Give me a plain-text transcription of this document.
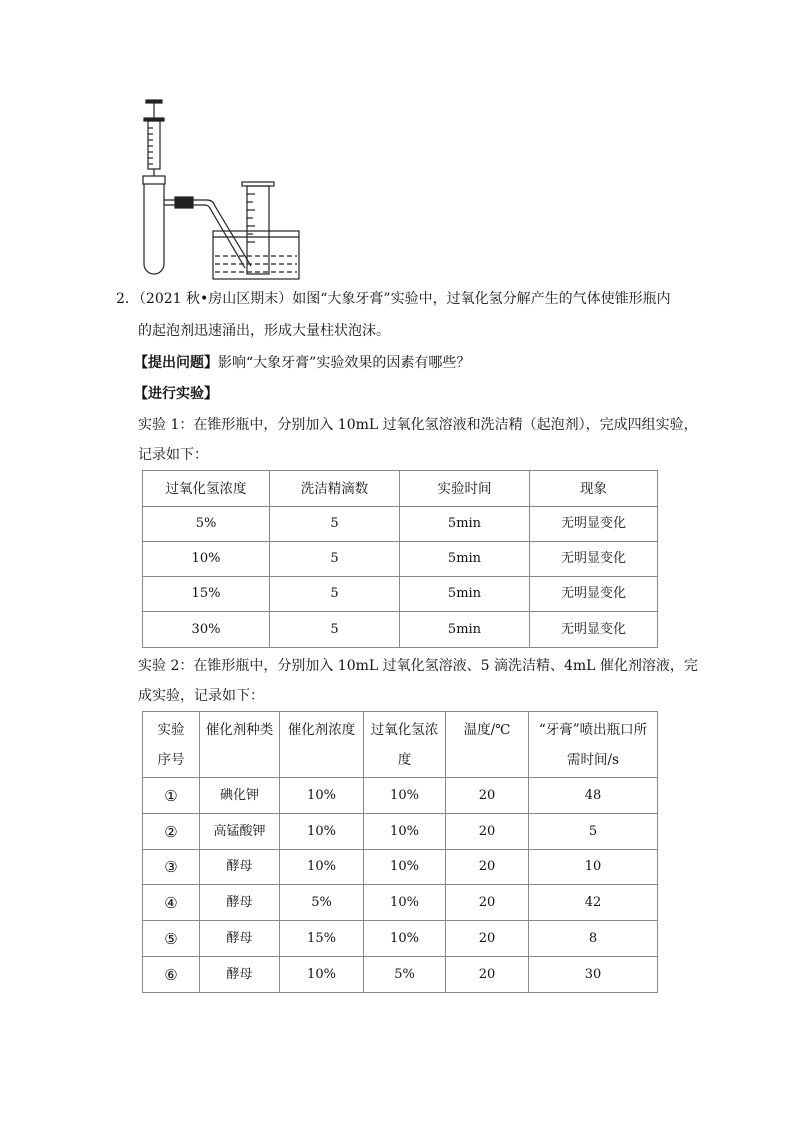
2．（2021 秋•房山区期末）如图“大象牙膏”实验中，过氧化氢分解产生的气体使锥形瓶内
的起泡剂迅速涌出，形成大量柱状泡沫。
【提出问题】影响“大象牙膏”实验效果的因素有哪些？
【进行实验】
实验 1：在锥形瓶中，分别加入 10mL 过氧化氢溶液和洗洁精（起泡剂），完成四组实验，
记录如下：
过氧化氢浓度	洗洁精滴数	实验时间	现象
5%	5	5min	无明显变化
10%	5	5min	无明显变化
15%	5	5min	无明显变化
30%	5	5min	无明显变化
实验 2：在锥形瓶中，分别加入 10mL 过氧化氢溶液、5 滴洗洁精、4mL 催化剂溶液，完
成实验，记录如下：
实验序号	催化剂种类	催化剂浓度	过氧化氢浓度	温度/℃	“牙膏”喷出瓶口所需时间/s

①	碘化钾	10%	10%	20	48
②	高锰酸钾	10%	10%	20	5
③	酵母	10%	10%	20	10
④	酵母	5%	10%	20	42
⑤	酵母	15%	10%	20	8
⑥	酵母	10%	5%	20	30
